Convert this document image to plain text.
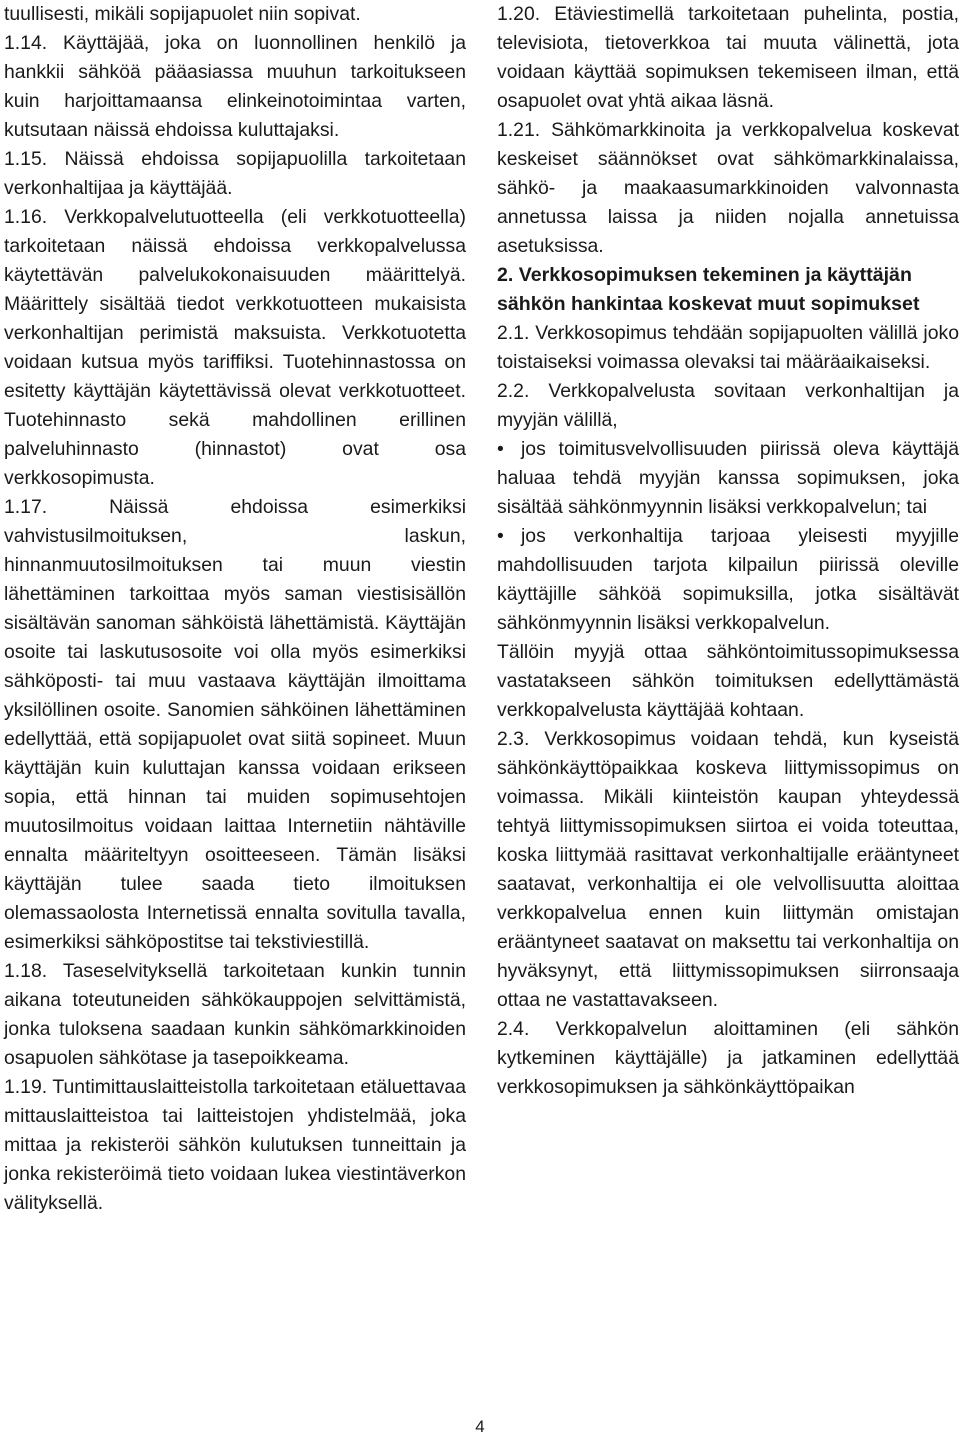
tuullisesti, mikäli sopijapuolet niin sopivat.

1.14. Käyttäjää, joka on luonnollinen henkilö ja hankkii sähköä pääasiassa muuhun tarkoitukseen kuin harjoittamaansa elinkeinotoimintaa varten, kutsutaan näissä ehdoissa kuluttajaksi.

1.15. Näissä ehdoissa sopijapuolilla tarkoitetaan verkonhaltijaa ja käyttäjää.

1.16. Verkkopalvelutuotteella (eli verkkotuotteella) tarkoitetaan näissä ehdoissa verkkopalvelussa käytettävän palvelukokonaisuuden määrittelyä. Määrittely sisältää tiedot verkkotuotteen mukaisista verkonhaltijan perimistä maksuista. Verkkotuotetta voidaan kutsua myös tariffiksi. Tuotehinnastossa on esitetty käyttäjän käytettävissä olevat verkkotuotteet. Tuotehinnasto sekä mahdollinen erillinen palveluhinnasto (hinnastot) ovat osa verkkosopimusta.

1.17. Näissä ehdoissa esimerkiksi vahvistusilmoituksen, laskun, hinnanmuutosilmoituksen tai muun viestin lähettäminen tarkoittaa myös saman viestisisällön sisältävän sanoman sähköistä lähettämistä. Käyttäjän osoite tai laskutusosoite voi olla myös esimerkiksi sähköposti- tai muu vastaava käyttäjän ilmoittama yksilöllinen osoite. Sanomien sähköinen lähettäminen edellyttää, että sopijapuolet ovat siitä sopineet. Muun käyttäjän kuin kuluttajan kanssa voidaan erikseen sopia, että hinnan tai muiden sopimusehtojen muutosilmoitus voidaan laittaa Internetiin nähtäville ennalta määriteltyyn osoitteeseen. Tämän lisäksi käyttäjän tulee saada tieto ilmoituksen olemassaolosta Internetissä ennalta sovitulla tavalla, esimerkiksi sähköpostitse tai tekstiviestillä.

1.18. Taseselvityksellä tarkoitetaan kunkin tunnin aikana toteutuneiden sähkökauppojen selvittämistä, jonka tuloksena saadaan kunkin sähkömarkkinoiden osapuolen sähkötase ja tasepoikkeama.

1.19. Tuntimittauslaitteistolla tarkoitetaan etäluettavaa mittauslaitteistoa tai laitteistojen yhdistelmää, joka mittaa ja rekisteröi sähkön kulutuksen tunneittain ja jonka rekisteröimä tieto voidaan lukea viestintäverkon välityksellä.

1.20. Etäviestimellä tarkoitetaan puhelinta, postia, televisiota, tietoverkkoa tai muuta välinettä, jota voidaan käyttää sopimuksen tekemiseen ilman, että osapuolet ovat yhtä aikaa läsnä.

1.21. Sähkömarkkinoita ja verkkopalvelua koskevat keskeiset säännökset ovat sähkömarkkinalaissa, sähkö- ja maakaasumarkkinoiden valvonnasta annetussa laissa ja niiden nojalla annetuissa asetuksissa.

2. Verkkosopimuksen tekeminen ja käyttäjän sähkön hankintaa koskevat muut sopimukset

2.1. Verkkosopimus tehdään sopijapuolten välillä joko toistaiseksi voimassa olevaksi tai määräaikaiseksi.

2.2. Verkkopalvelusta sovitaan verkonhaltijan ja myyjän välillä,

• jos toimitusvelvollisuuden piirissä oleva käyttäjä haluaa tehdä myyjän kanssa sopimuksen, joka sisältää sähkönmyynnin lisäksi verkkopalvelun; tai

• jos verkonhaltija tarjoaa yleisesti myyjille mahdollisuuden tarjota kilpailun piirissä oleville käyttäjille sähköä sopimuksilla, jotka sisältävät sähkönmyynnin lisäksi verkkopalvelun.

Tällöin myyjä ottaa sähköntoimitussopimuksessa vastatakseen sähkön toimituksen edellyttämästä verkkopalvelusta käyttäjää kohtaan.

2.3. Verkkosopimus voidaan tehdä, kun kyseistä sähkönkäyttöpaikkaa koskeva liittymissopimus on voimassa. Mikäli kiinteistön kaupan yhteydessä tehtyä liittymissopimuksen siirtoa ei voida toteuttaa, koska liittymää rasittavat verkonhaltijalle erääntyneet saatavat, verkonhaltija ei ole velvollisuutta aloittaa verkkopalvelua ennen kuin liittymän omistajan erääntyneet saatavat on maksettu tai verkonhaltija on hyväksynyt, että liittymissopimuksen siirronsaaja ottaa ne vastattavakseen.

2.4. Verkkopalvelun aloittaminen (eli sähkön kytkeminen käyttäjälle) ja jatkaminen edellyttää verkkosopimuksen ja sähkönkäyttöpaikan

4
